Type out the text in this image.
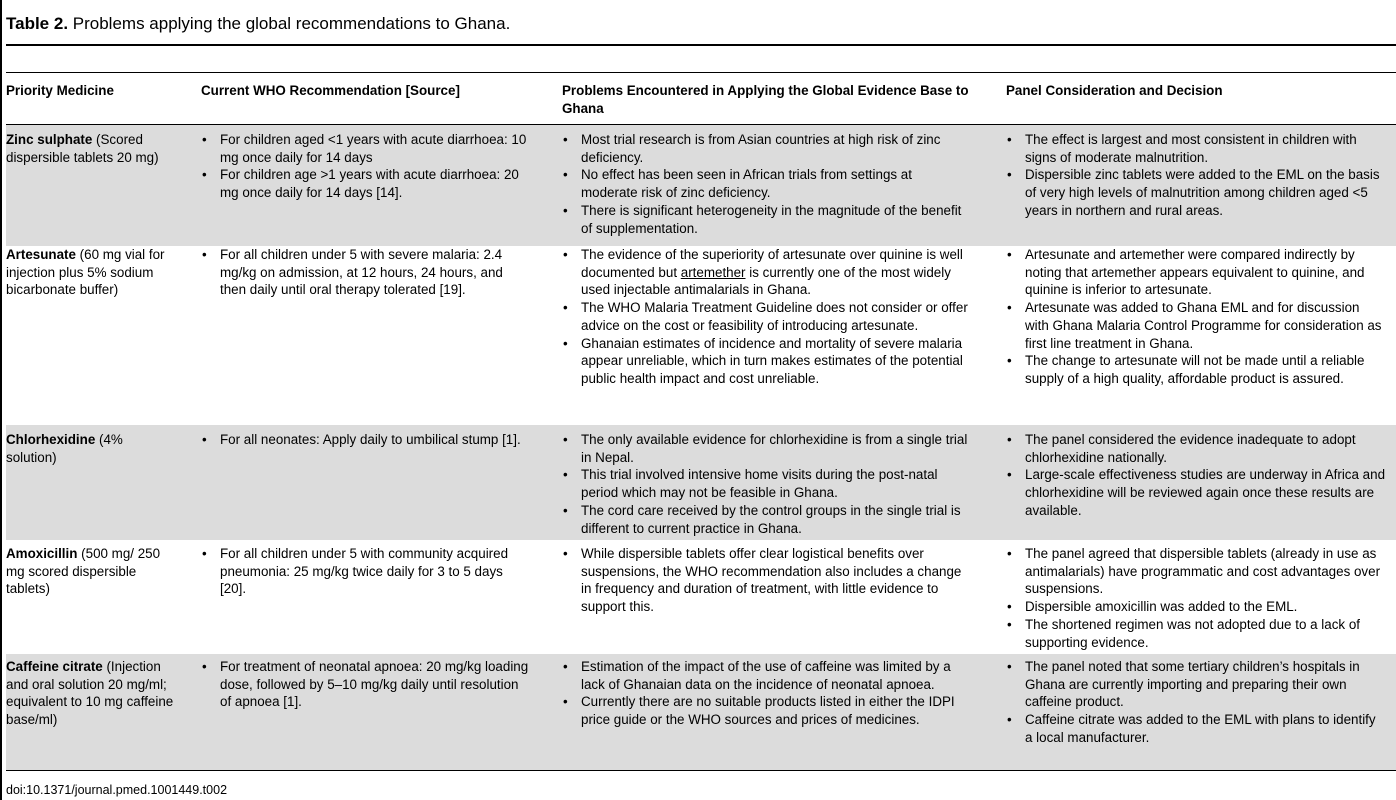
Table 2. Problems applying the global recommendations to Ghana.
Priority Medicine	Current WHO Recommendation [Source]	Problems Encountered in Applying the Global Evidence Base to Ghana
Panel Consideration and Decision
Zinc sulphate (Scored dispersible tablets 20 mg)
• For children aged <1 years with acute diarrhoea: 10 mg once daily for 14 days
• For children age >1 years with acute diarrhoea: 20 mg once daily for 14 days [14].
• Most trial research is from Asian countries at high risk of zinc deficiency.
• No effect has been seen in African trials from settings at moderate risk of zinc deficiency.
• There is significant heterogeneity in the magnitude of the benefit of supplementation.
• The effect is largest and most consistent in children with signs of moderate malnutrition.
• Dispersible zinc tablets were added to the EML on the basis of very high levels of malnutrition among children aged <5 years in northern and rural areas.
Artesunate (60 mg vial for injection plus 5% sodium bicarbonate buffer)
• For all children under 5 with severe malaria: 2.4 mg/kg on admission, at 12 hours, 24 hours, and then daily until oral therapy tolerated [19].
• The evidence of the superiority of artesunate over quinine is well documented but artemether is currently one of the most widely used injectable antimalarials in Ghana.
• The WHO Malaria Treatment Guideline does not consider or offer advice on the cost or feasibility of introducing artesunate.
• Ghanaian estimates of incidence and mortality of severe malaria appear unreliable, which in turn makes estimates of the potential public health impact and cost unreliable.
• Artesunate and artemether were compared indirectly by noting that artemether appears equivalent to quinine, and quinine is inferior to artesunate.
• Artesunate was added to Ghana EML and for discussion with Ghana Malaria Control Programme for consideration as first line treatment in Ghana.
• The change to artesunate will not be made until a reliable supply of a high quality, affordable product is assured.
Chlorhexidine (4% solution)
• For all neonates: Apply daily to umbilical stump [1].
•	The only available evidence for chlorhexidine is from a single trial in Nepal.
• This trial involved intensive home visits during the post-natal period which may not be feasible in Ghana.
• The cord care received by the control groups in the single trial is different to current practice in Ghana.
• The panel considered the evidence inadequate to adopt chlorhexidine nationally.
• Large-scale effectiveness studies are underway in Africa and chlorhexidine will be reviewed again once these results are available.
Amoxicillin (500 mg/ 250 mg scored dispersible tablets)
• For all children under 5 with community acquired pneumonia: 25 mg/kg twice daily for 3 to 5 days [20].
• While dispersible tablets offer clear logistical benefits over suspensions, the WHO recommendation also includes a change in frequency and duration of treatment, with little evidence to support this.
• The panel agreed that dispersible tablets (already in use as antimalarials) have programmatic and cost advantages over suspensions.
• Dispersible amoxicillin was added to the EML.
• The shortened regimen was not adopted due to a lack of supporting evidence.
Caffeine citrate (Injection and oral solution 20 mg/ml; equivalent to 10 mg caffeine base/ml)
• For treatment of neonatal apnoea: 20 mg/kg loading dose, followed by 5–10 mg/kg daily until resolution of apnoea [1].
• Estimation of the impact of the use of caffeine was limited by a lack of Ghanaian data on the incidence of neonatal apnoea.
• Currently there are no suitable products listed in either the IDPI price guide or the WHO sources and prices of medicines.
• The panel noted that some tertiary children’s hospitals in Ghana are currently importing and preparing their own caffeine product.
• Caffeine citrate was added to the EML with plans to identify a local manufacturer.
doi:10.1371/journal.pmed.1001449.t002
